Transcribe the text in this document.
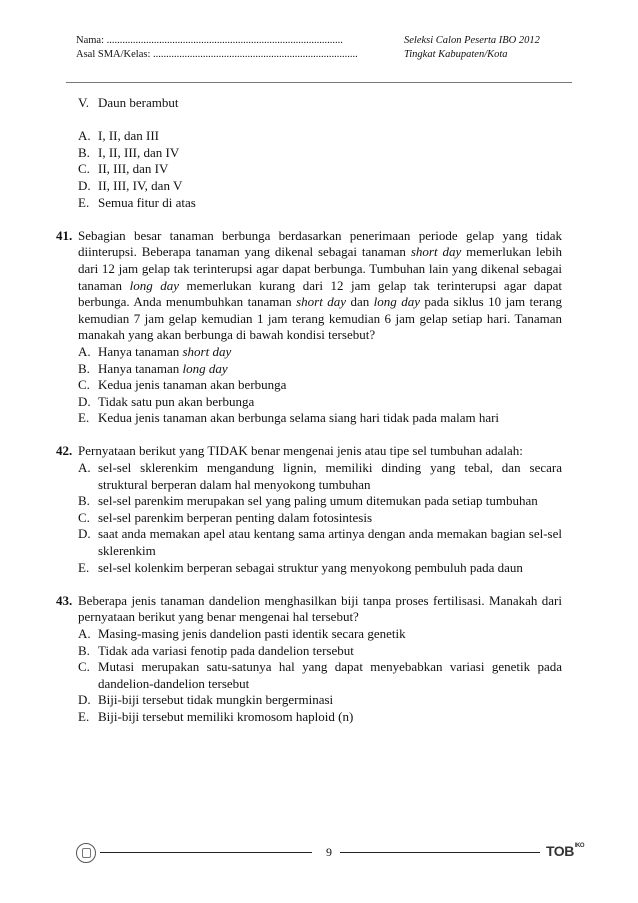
Nama: ..........................................................................................
Asal SMA/Kelas: ..............................................................................
Seleksi Calon Peserta IBO 2012
Tingkat Kabupaten/Kota
V. Daun berambut
A. I, II, dan III
B. I, II, III, dan IV
C. II, III, dan IV
D. II, III, IV, dan V
E. Semua fitur di atas
41. Sebagian besar tanaman berbunga berdasarkan penerimaan periode gelap yang tidak diinterupsi. Beberapa tanaman yang dikenal sebagai tanaman short day memerlukan lebih dari 12 jam gelap tak terinterupsi agar dapat berbunga. Tumbuhan lain yang dikenal sebagai tanaman long day memerlukan kurang dari 12 jam gelap tak terinterupsi agar dapat berbunga. Anda menumbuhkan tanaman short day dan long day pada siklus 10 jam terang kemudian 7 jam gelap kemudian 1 jam terang kemudian 6 jam gelap setiap hari. Tanaman manakah yang akan berbunga di bawah kondisi tersebut?
A. Hanya tanaman short day
B. Hanya tanaman long day
C. Kedua jenis tanaman akan berbunga
D. Tidak satu pun akan berbunga
E. Kedua jenis tanaman akan berbunga selama siang hari tidak pada malam hari
42. Pernyataan berikut yang TIDAK benar mengenai jenis atau tipe sel tumbuhan adalah:
A. sel-sel sklerenkim mengandung lignin, memiliki dinding yang tebal, dan secara struktural berperan dalam hal menyokong tumbuhan
B. sel-sel parenkim merupakan sel yang paling umum ditemukan pada setiap tumbuhan
C. sel-sel parenkim berperan penting dalam fotosintesis
D. saat anda memakan apel atau kentang sama artinya dengan anda memakan bagian sel-sel sklerenkim
E. sel-sel kolenkim berperan sebagai struktur yang menyokong pembuluh pada daun
43. Beberapa jenis tanaman dandelion menghasilkan biji tanpa proses fertilisasi. Manakah dari pernyataan berikut yang benar mengenai hal tersebut?
A. Masing-masing jenis dandelion pasti identik secara genetik
B. Tidak ada variasi fenotip pada dandelion tersebut
C. Mutasi merupakan satu-satunya hal yang dapat menyebabkan variasi genetik pada dandelion-dandelion tersebut
D. Biji-biji tersebut tidak mungkin bergerminasi
E. Biji-biji tersebut memiliki kromosom haploid (n)
9	$TOB^{IKO}$
